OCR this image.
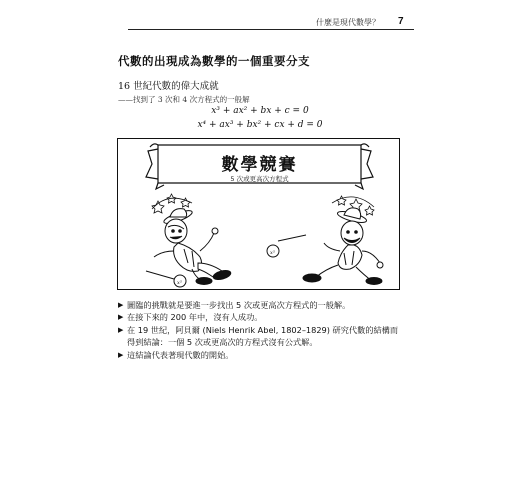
什麼是現代數學？ 7
代數的出現成為數學的一個重要分支
16 世紀代數的偉大成就
——找到了 3 次和 4 次方程式的一般解
x³ + ax² + bx + c = 0
x⁴ + ax³ + bx² + cx + d = 0
x⁵
x⁵
數學競賽
5 次或更高次方程式
▶ 圖臨的挑戰就是要進一步找出 5 次或更高次方程式的一般解。
▶ 在接下來的 200 年中，沒有人成功。
▶ 在 19 世紀，阿貝爾 (Niels Henrik Abel, 1802–1829) 研究代數的結構而
得到結論：一個 5 次或更高次的方程式沒有公式解。
▶ 這結論代表著現代數的開始。
